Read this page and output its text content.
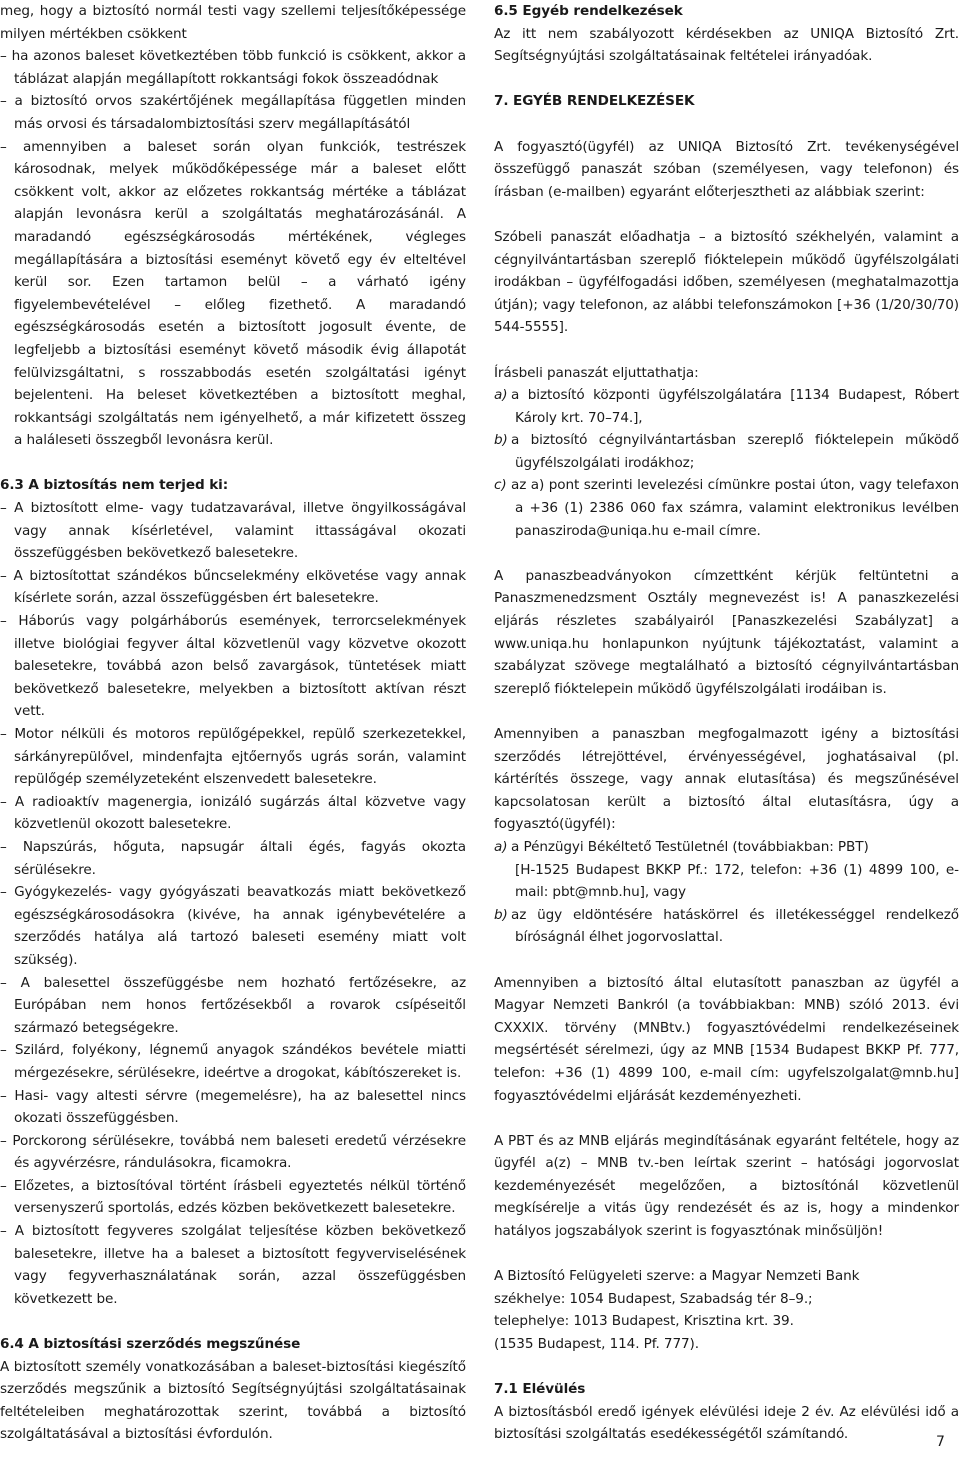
meg, hogy a biztosító normál testi vagy szellemi teljesítőképessége milyen mértékben csökkent

– ha azonos baleset következtében több funkció is csökkent, akkor a táblázat alapján megállapított rokkantsági fokok összeadódnak

– a biztosító orvos szakértőjének megállapítása független minden más orvosi és társadalombiztosítási szerv megállapításától

– amennyiben a baleset során olyan funkciók, testrészek károsodnak, melyek működőképessége már a baleset előtt csökkent volt, akkor az előzetes rokkantság mértéke a táblázat alapján levonásra kerül a szolgáltatás meghatározásánál. A maradandó egészségkárosodás mértékének, végleges megállapítására a biztosítási eseményt követő egy év elteltével kerül sor. Ezen tartamon belül – a várható igény figyelembevételével – előleg fizethető. A maradandó egészségkárosodás esetén a biztosított jogosult évente, de legfeljebb a biztosítási eseményt követő második évig állapotát felülvizsgáltatni, s rosszabbodás esetén szolgáltatási igényt bejelenteni. Ha beleset következtében a biztosított meghal, rokkantsági szolgáltatás nem igényelhető, a már kifizetett összeg a haláleseti összegből levonásra kerül.

6.3 A biztosítás nem terjed ki:

– A biztosított elme- vagy tudatzavarával, illetve öngyilkosságával vagy annak kísérletével, valamint ittasságával okozati összefüggésben bekövetkező balesetekre.

– A biztosítottat szándékos bűncselekmény elkövetése vagy annak kísérlete során, azzal összefüggésben ért balesetekre.

– Háborús vagy polgárháborús események, terrorcselekmények illetve biológiai fegyver által közvetlenül vagy közvetve okozott balesetekre, továbbá azon belső zavargások, tüntetések miatt bekövetkező balesetekre, melyekben a biztosított aktívan részt vett.

– Motor nélküli és motoros repülőgépekkel, repülő szerkezetekkel, sárkányrepülővel, mindenfajta ejtőernyős ugrás során, valamint repülőgép személyzeteként elszenvedett balesetekre.

– A radioaktív magenergia, ionizáló sugárzás által közvetve vagy közvetlenül okozott balesetekre.

– Napszúrás, hőguta, napsugár általi égés, fagyás okozta sérülésekre.

– Gyógykezelés- vagy gyógyászati beavatkozás miatt bekövetkező egészségkárosodásokra (kivéve, ha annak igénybevételére a szerződés hatálya alá tartozó baleseti esemény miatt volt szükség).

– A balesettel összefüggésbe nem hozható fertőzésekre, az Európában nem honos fertőzésekből a rovarok csípéseitől származó betegségekre.

– Szilárd, folyékony, légnemű anyagok szándékos bevétele miatti mérgezésekre, sérülésekre, ideértve a drogokat, kábítószereket is.

– Hasi- vagy altesti sérvre (megemelésre), ha az balesettel nincs okozati összefüggésben.

– Porckorong sérülésekre, továbbá nem baleseti eredetű vérzésekre és agyvérzésre, rándulásokra, ficamokra.

– Előzetes, a biztosítóval történt írásbeli egyeztetés nélkül történő versenyszerű sportolás, edzés közben bekövetkezett balesetekre.

– A biztosított fegyveres szolgálat teljesítése közben bekövetkező balesetekre, illetve ha a baleset a biztosított fegyverviselésének vagy fegyverhasználatának során, azzal összefüggésben következett be.

6.4 A biztosítási szerződés megszűnése

A biztosított személy vonatkozásában a baleset-biztosítási kiegészítő szerződés megszűnik a biztosító Segítségnyújtási szolgáltatásainak feltételeiben meghatározottak szerint, továbbá a biztosító szolgáltatásával a biztosítási évfordulón.

6.5 Egyéb rendelkezések

Az itt nem szabályozott kérdésekben az UNIQA Biztosító Zrt. Segítségnyújtási szolgáltatásainak feltételei irányadóak.

7. EGYÉB RENDELKEZÉSEK

A fogyasztó(ügyfél) az UNIQA Biztosító Zrt. tevékenységével összefüggő panaszát szóban (személyesen, vagy telefonon) és írásban (e-mailben) egyaránt előterjesztheti az alábbiak szerint:

Szóbeli panaszát előadhatja – a biztosító székhelyén, valamint a cégnyilvántartásban szereplő fióktelepein működő ügyfélszolgálati irodákban – ügyfélfogadási időben, személyesen (meghatalmazottja útján); vagy telefonon, az alábbi telefonszámokon [+36 (1/20/30/70) 544-5555].

Írásbeli panaszát eljuttathatja:

a) a biztosító központi ügyfélszolgálatára [1134 Budapest, Róbert Károly krt. 70–74.],

b) a biztosító cégnyilvántartásban szereplő fióktelepein működő ügyfélszolgálati irodákhoz;

c) az a) pont szerinti levelezési címünkre postai úton, vagy telefaxon a +36 (1) 2386 060 fax számra, valamint elektronikus levélben panasziroda@uniqa.hu e-mail címre.

A panaszbeadványokon címzettként kérjük feltüntetni a Panaszmenedzsment Osztály megnevezést is! A panaszkezelési eljárás részletes szabályairól [Panaszkezelési Szabályzat] a www.uniqa.hu honlapunkon nyújtunk tájékoztatást, valamint a szabályzat szövege megtalálható a biztosító cégnyilvántartásban szereplő fióktelepein működő ügyfélszolgálati irodáiban is.

Amennyiben a panaszban megfogalmazott igény a biztosítási szerződés létrejöttével, érvényességével, joghatásaival (pl. kártérítés összege, vagy annak elutasítása) és megszűnésével kapcsolatosan került a biztosító által elutasításra, úgy a fogyasztó(ügyfél):

a) a Pénzügyi Békéltető Testületnél (továbbiakban: PBT)

[H-1525 Budapest BKKP Pf.: 172, telefon: +36 (1) 4899 100, e-mail: pbt@mnb.hu], vagy

b) az ügy eldöntésére hatáskörrel és illetékességgel rendelkező bíróságnál élhet jogorvoslattal.

Amennyiben a biztosító által elutasított panaszban az ügyfél a Magyar Nemzeti Bankról (a továbbiakban: MNB) szóló 2013. évi CXXXIX. törvény (MNBtv.) fogyasztóvédelmi rendelkezéseinek megsértését sérelmezi, úgy az MNB [1534 Budapest BKKP Pf. 777, telefon: +36 (1) 4899 100, e-mail cím: ugyfelszolgalat@mnb.hu] fogyasztóvédelmi eljárását kezdeményezheti.

A PBT és az MNB eljárás megindításának egyaránt feltétele, hogy az ügyfél a(z) – MNB tv.-ben leírtak szerint – hatósági jogorvoslat kezdeményezését megelőzően, a biztosítónál közvetlenül megkísérelje a vitás ügy rendezését és az is, hogy a mindenkor hatályos jogszabályok szerint is fogyasztónak minősüljön!

A Biztosító Felügyeleti szerve: a Magyar Nemzeti Bank

székhelye: 1054 Budapest, Szabadság tér 8–9.;

telephelye: 1013 Budapest, Krisztina krt. 39.

(1535 Budapest, 114. Pf. 777).

7.1 Elévülés

A biztosításból eredő igények elévülési ideje 2 év. Az elévülési idő a biztosítási szolgáltatás esedékességétől számítandó.	7
